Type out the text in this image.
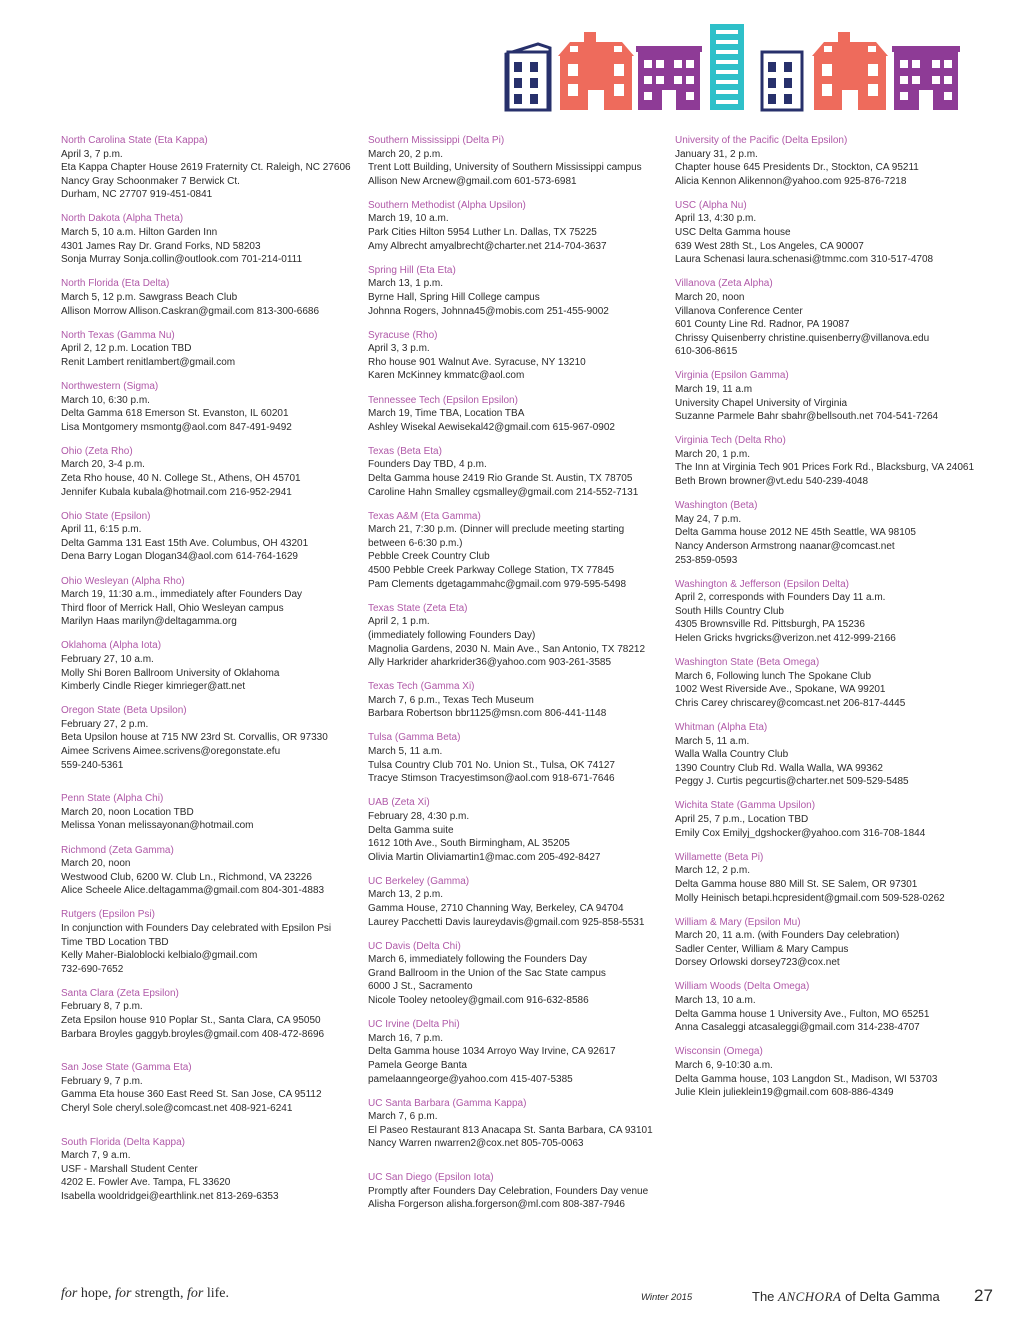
North Carolina State (Eta Kappa)
April 3, 7 p.m.
Eta Kappa Chapter House 2619 Fraternity Ct. Raleigh, NC 27606
Nancy Gray Schoonmaker 7 Berwick Ct.
Durham, NC 27707 919-451-0841
North Dakota (Alpha Theta)
March 5, 10 a.m. Hilton Garden Inn
4301 James Ray Dr. Grand Forks, ND 58203
Sonja Murray Sonja.collin@outlook.com 701-214-0111
North Florida (Eta Delta)
March 5, 12 p.m. Sawgrass Beach Club
Allison Morrow Allison.Caskran@gmail.com 813-300-6686
North Texas (Gamma Nu)
April 2, 12 p.m. Location TBD
Renit Lambert renitlambert@gmail.com
Northwestern (Sigma)
March 10, 6:30 p.m.
Delta Gamma 618 Emerson St. Evanston, IL 60201
Lisa Montgomery msmontg@aol.com 847-491-9492
Ohio (Zeta Rho)
March 20, 3-4 p.m.
Zeta Rho house, 40 N. College St., Athens, OH 45701
Jennifer Kubala kubala@hotmail.com 216-952-2941
Ohio State (Epsilon)
April 11, 6:15 p.m.
Delta Gamma 131 East 15th Ave. Columbus, OH 43201
Dena Barry Logan Dlogan34@aol.com 614-764-1629
Ohio Wesleyan (Alpha Rho)
March 19, 11:30 a.m., immediately after Founders Day
Third floor of Merrick Hall, Ohio Wesleyan campus
Marilyn Haas marilyn@deltagamma.org
Oklahoma (Alpha Iota)
February 27, 10 a.m.
Molly Shi Boren Ballroom University of Oklahoma
Kimberly Cindle Rieger kimrieger@att.net
Oregon State (Beta Upsilon)
February 27, 2 p.m.
Beta Upsilon house at 715 NW 23rd St. Corvallis, OR 97330
Aimee Scrivens Aimee.scrivens@oregonstate.efu
559-240-5361
Penn State (Alpha Chi)
March 20, noon Location TBD
Melissa Yonan melissayonan@hotmail.com
Richmond (Zeta Gamma)
March 20, noon
Westwood Club, 6200 W. Club Ln., Richmond, VA 23226
Alice Scheele Alice.deltagamma@gmail.com 804-301-4883
Rutgers (Epsilon Psi)
In conjunction with Founders Day celebrated with Epsilon Psi
Time TBD Location TBD
Kelly Maher-Bialoblocki kelbialo@gmail.com
732-690-7652
Santa Clara (Zeta Epsilon)
February 8, 7 p.m.
Zeta Epsilon house 910 Poplar St., Santa Clara, CA 95050
Barbara Broyles gaggyb.broyles@gmail.com 408-472-8696
San Jose State (Gamma Eta)
February 9, 7 p.m.
Gamma Eta house 360 East Reed St. San Jose, CA 95112
Cheryl Sole cheryl.sole@comcast.net 408-921-6241
South Florida (Delta Kappa)
March 7, 9 a.m.
USF - Marshall Student Center
4202 E. Fowler Ave. Tampa, FL 33620
Isabella wooldridgei@earthlink.net 813-269-6353
Southern Mississippi (Delta Pi)
March 20, 2 p.m.
Trent Lott Building, University of Southern Mississippi campus
Allison New Arcnew@gmail.com 601-573-6981
Southern Methodist (Alpha Upsilon)
March 19, 10 a.m.
Park Cities Hilton 5954 Luther Ln. Dallas, TX 75225
Amy Albrecht amyalbrecht@charter.net 214-704-3637
Spring Hill (Eta Eta)
March 13, 1 p.m.
Byrne Hall, Spring Hill College campus
Johnna Rogers, Johnna45@mobis.com 251-455-9002
Syracuse (Rho)
April 3, 3 p.m.
Rho house 901 Walnut Ave. Syracuse, NY 13210
Karen McKinney kmmatc@aol.com
Tennessee Tech (Epsilon Epsilon)
March 19, Time TBA, Location TBA
Ashley Wisekal Aewisekal42@gmail.com 615-967-0902
Texas (Beta Eta)
Founders Day TBD, 4 p.m.
Delta Gamma house 2419 Rio Grande St. Austin, TX 78705
Caroline Hahn Smalley cgsmalley@gmail.com 214-552-7131
Texas A&M (Eta Gamma)
March 21, 7:30 p.m. (Dinner will preclude meeting starting
between 6-6:30 p.m.)
Pebble Creek Country Club
4500 Pebble Creek Parkway College Station, TX 77845
Pam Clements dgetagammahc@gmail.com 979-595-5498
Texas State (Zeta Eta)
April 2, 1 p.m.
(immediately following Founders Day)
Magnolia Gardens, 2030 N. Main Ave., San Antonio, TX 78212
Ally Harkrider aharkrider36@yahoo.com 903-261-3585
Texas Tech (Gamma Xi)
March 7, 6 p.m., Texas Tech Museum
Barbara Robertson bbr1125@msn.com 806-441-1148
Tulsa (Gamma Beta)
March 5, 11 a.m.
Tulsa Country Club 701 No. Union St., Tulsa, OK 74127
Tracye Stimson Tracyestimson@aol.com 918-671-7646
UAB (Zeta Xi)
February 28, 4:30 p.m.
Delta Gamma suite
1612 10th Ave., South Birmingham, AL 35205
Olivia Martin Oliviamartin1@mac.com 205-492-8427
UC Berkeley (Gamma)
March 13, 2 p.m.
Gamma House, 2710 Channing Way, Berkeley, CA 94704
Laurey Pacchetti Davis laureydavis@gmail.com 925-858-5531
UC Davis (Delta Chi)
March 6, immediately following the Founders Day
Grand Ballroom in the Union of the Sac State campus
6000 J St., Sacramento
Nicole Tooley netooley@gmail.com 916-632-8586
UC Irvine (Delta Phi)
March 16, 7 p.m.
Delta Gamma house 1034 Arroyo Way Irvine, CA 92617
Pamela George Banta
pamelaanngeorge@yahoo.com 415-407-5385
UC Santa Barbara (Gamma Kappa)
March 7, 6 p.m.
El Paseo Restaurant 813 Anacapa St. Santa Barbara, CA 93101
Nancy Warren nwarren2@cox.net 805-705-0063
UC San Diego (Epsilon Iota)
Promptly after Founders Day Celebration, Founders Day venue
Alisha Forgerson alisha.forgerson@ml.com 808-387-7946
University of the Pacific (Delta Epsilon)
January 31, 2 p.m.
Chapter house 645 Presidents Dr., Stockton, CA 95211
Alicia Kennon Alikennon@yahoo.com 925-876-7218
USC (Alpha Nu)
April 13, 4:30 p.m.
USC Delta Gamma house
639 West 28th St., Los Angeles, CA 90007
Laura Schenasi laura.schenasi@tmmc.com 310-517-4708
Villanova (Zeta Alpha)
March 20, noon
Villanova Conference Center
601 County Line Rd. Radnor, PA 19087
Chrissy Quisenberry christine.quisenberry@villanova.edu
610-306-8615
Virginia (Epsilon Gamma)
March 19, 11 a.m
University Chapel University of Virginia
Suzanne Parmele Bahr sbahr@bellsouth.net 704-541-7264
Virginia Tech (Delta Rho)
March 20, 1 p.m.
The Inn at Virginia Tech 901 Prices Fork Rd., Blacksburg, VA 24061
Beth Brown browner@vt.edu 540-239-4048
Washington (Beta)
May 24, 7 p.m.
Delta Gamma house 2012 NE 45th Seattle, WA 98105
Nancy Anderson Armstrong naanar@comcast.net
253-859-0593
Washington & Jefferson (Epsilon Delta)
April 2, corresponds with Founders Day 11 a.m.
South Hills Country Club
4305 Brownsville Rd. Pittsburgh, PA 15236
Helen Gricks hvgricks@verizon.net 412-999-2166
Washington State (Beta Omega)
March 6, Following lunch The Spokane Club
1002 West Riverside Ave., Spokane, WA 99201
Chris Carey chriscarey@comcast.net 206-817-4445
Whitman (Alpha Eta)
March 5, 11 a.m.
Walla Walla Country Club
1390 Country Club Rd. Walla Walla, WA 99362
Peggy J. Curtis pegcurtis@charter.net 509-529-5485
Wichita State (Gamma Upsilon)
April 25, 7 p.m., Location TBD
Emily Cox Emilyj_dgshocker@yahoo.com 316-708-1844
Willamette (Beta Pi)
March 12, 2 p.m.
Delta Gamma house 880 Mill St. SE Salem, OR 97301
Molly Heinisch betapi.hcpresident@gmail.com 509-528-0262
William & Mary (Epsilon Mu)
March 20, 11 a.m. (with Founders Day celebration)
Sadler Center, William & Mary Campus
Dorsey Orlowski dorsey723@cox.net
William Woods (Delta Omega)
March 13, 10 a.m.
Delta Gamma house 1 University Ave., Fulton, MO 65251
Anna Casaleggi atcasaleggi@gmail.com 314-238-4707
Wisconsin (Omega)
March 6, 9-10:30 a.m.
Delta Gamma house, 103 Langdon St., Madison, WI 53703
Julie Klein julieklein19@gmail.com 608-886-4349
for hope, for strength, for life.	Winter 2015	The ANCHORA of Delta Gamma 27
